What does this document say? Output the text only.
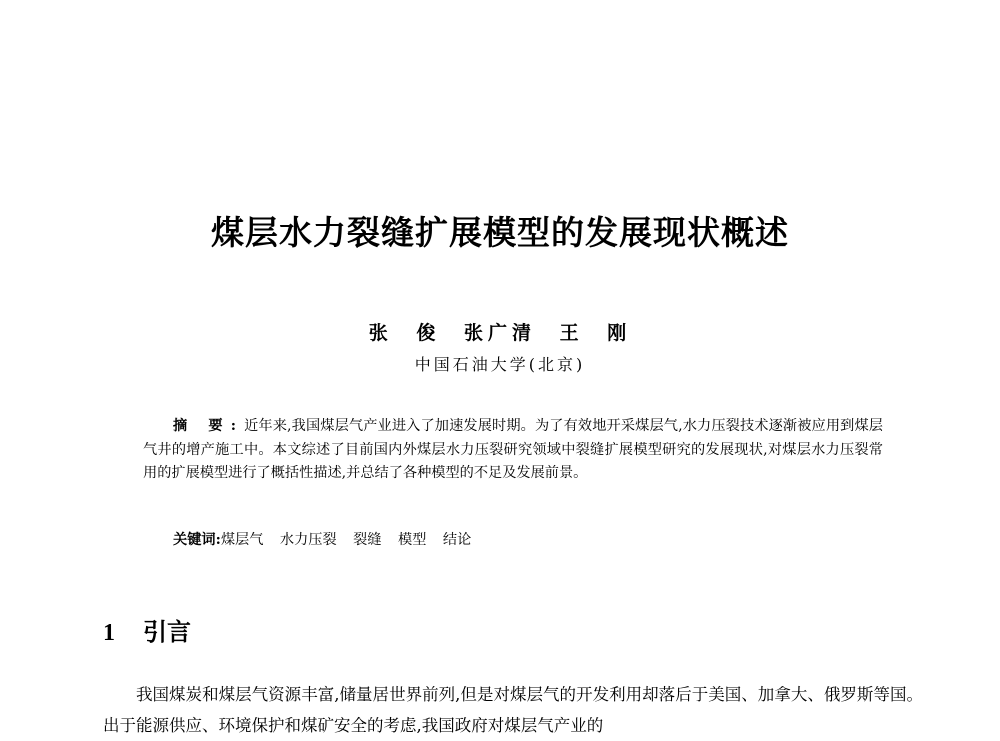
煤层水力裂缝扩展模型的发展现状概述
张 俊 张广清 王 刚
中国石油大学(北京)
摘 要:近年来,我国煤层气产业进入了加速发展时期。为了有效地开采煤层气,水力压裂技术逐渐被应用到煤层气井的增产施工中。本文综述了目前国内外煤层水力压裂研究领域中裂缝扩展模型研究的发展现状,对煤层水力压裂常用的扩展模型进行了概括性描述,并总结了各种模型的不足及发展前景。
关键词:煤层气 水力压裂 裂缝 模型 结论
1 引言
我国煤炭和煤层气资源丰富,储量居世界前列,但是对煤层气的开发利用却落后于美国、加拿大、俄罗斯等国。出于能源供应、环境保护和煤矿安全的考虑,我国政府对煤层气产业的
